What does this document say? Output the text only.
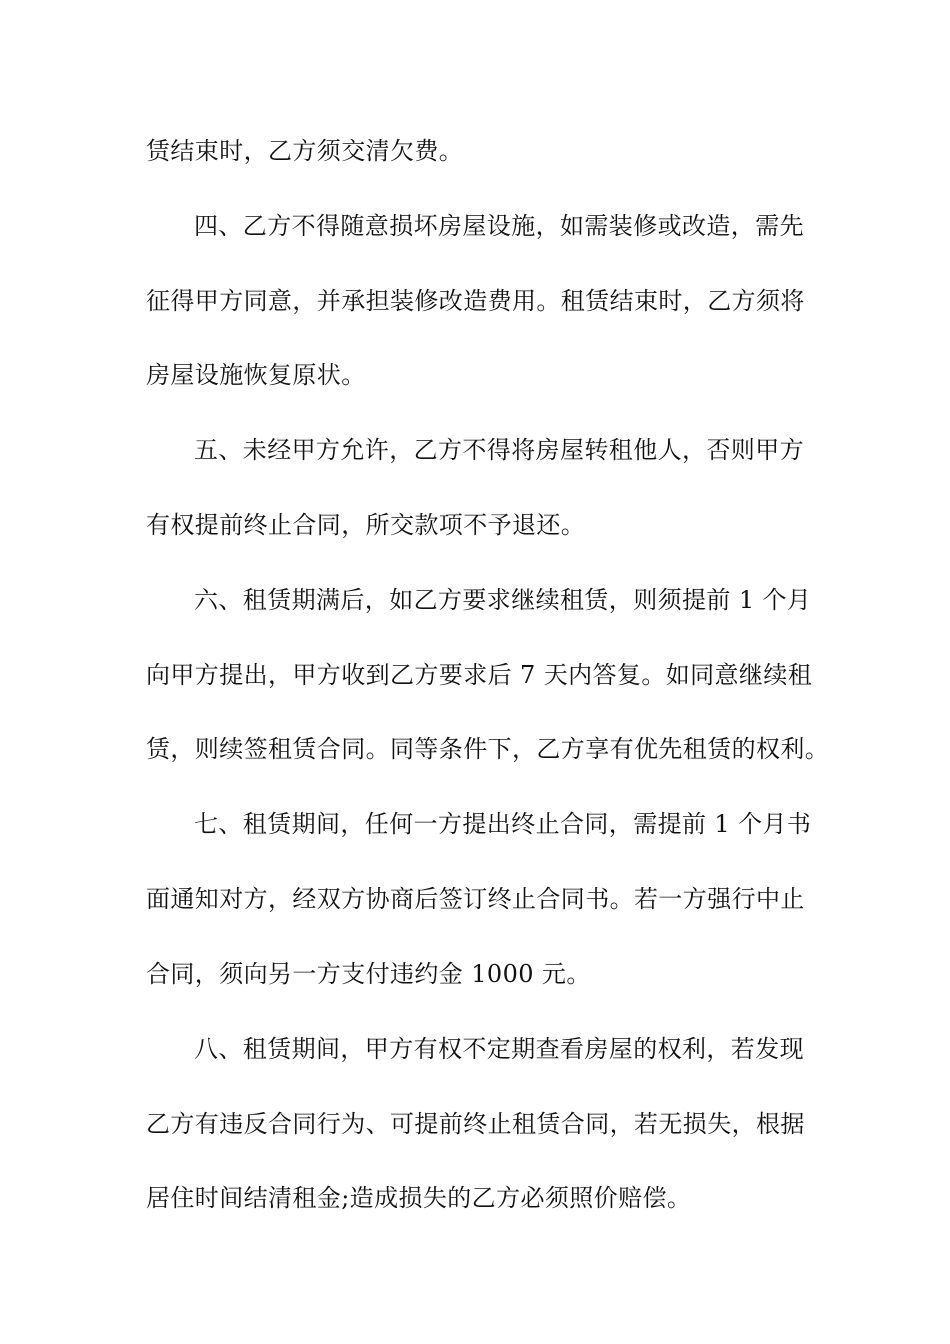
赁结束时，乙方须交清欠费。
四、乙方不得随意损坏房屋设施，如需装修或改造，需先
征得甲方同意，并承担装修改造费用。租赁结束时，乙方须将
房屋设施恢复原状。
五、未经甲方允许，乙方不得将房屋转租他人，否则甲方
有权提前终止合同，所交款项不予退还。
六、租赁期满后，如乙方要求继续租赁，则须提前 1 个月
向甲方提出，甲方收到乙方要求后 7 天内答复。如同意继续租
赁，则续签租赁合同。同等条件下，乙方享有优先租赁的权利。
七、租赁期间，任何一方提出终止合同，需提前 1 个月书
面通知对方，经双方协商后签订终止合同书。若一方强行中止
合同，须向另一方支付违约金 1000 元。
八、租赁期间，甲方有权不定期查看房屋的权利，若发现
乙方有违反合同行为、可提前终止租赁合同，若无损失，根据
居住时间结清租金;造成损失的乙方必须照价赔偿。
